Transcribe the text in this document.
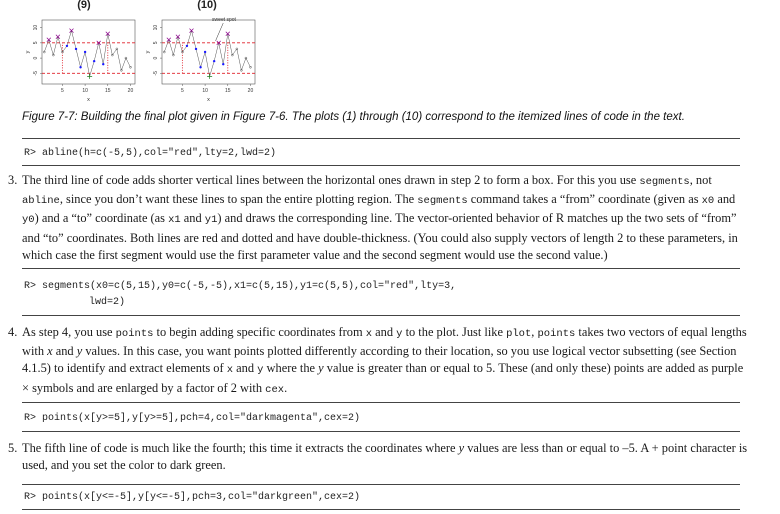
(9)	(10)
5	10	15	20
-5
0
5
10
x
y
5	10	15	20
-5
0
5
10
x
y
sweet spot
Figure 7-7: Building the final plot given in Figure 7-6. The plots (1) through (10) correspond to the itemized lines of code in the text.
R> abline(h=c(-5,5),col="red",lty=2,lwd=2)
3. The third line of code adds shorter vertical lines between the horizontal ones drawn in step 2 to form a box. For this you use segments, not abline, since you don’t want these lines to span the entire plotting region. The segments command takes a “from” coordinate (given as x0 and y0) and a “to” coordinate (as x1 and y1) and draws the corresponding line. The vector-oriented behavior of R matches up the two sets of “from” and “to” coordinates. Both lines are red and dotted and have double-thickness. (You could also supply vectors of length 2 to these parameters, in which case the first segment would use the first parameter value and the second segment would use the second value.)

R> segments(x0=c(5,15),y0=c(-5,-5),x1=c(5,15),y1=c(5,5),col="red",lty=3,
lwd=2)
4. As step 4, you use points to begin adding specific coordinates from x and y to the plot. Just like plot, points takes two vectors of equal lengths with x and y values. In this case, you want points plotted differently according to their location, so you use logical vector subsetting (see Section 4.1.5) to identify and extract elements of x and y where the y value is greater than or equal to 5. These (and only these) points are added as purple × symbols and are enlarged by a factor of 2 with cex.

R> points(x[y>=5],y[y>=5],pch=4,col="darkmagenta",cex=2)
5. The fifth line of code is much like the fourth; this time it extracts the coordinates where y values are less than or equal to –5. A + point character is used, and you set the color to dark green.

R> points(x[y<=-5],y[y<=-5],pch=3,col="darkgreen",cex=2)
